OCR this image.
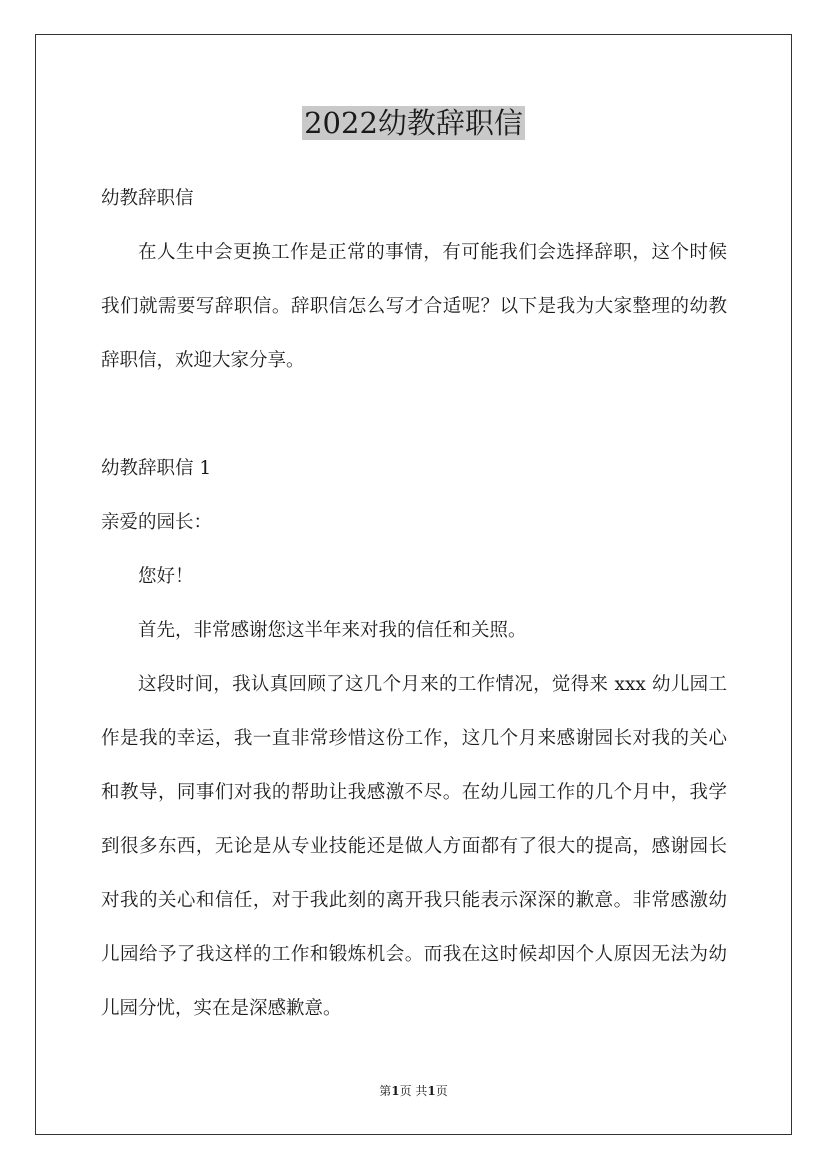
2022幼教辞职信

幼教辞职信

在人生中会更换工作是正常的事情，有可能我们会选择辞职，这个时候我们就需要写辞职信。辞职信怎么写才合适呢？以下是我为大家整理的幼教辞职信，欢迎大家分享。

幼教辞职信 1

亲爱的园长：

您好！

首先，非常感谢您这半年来对我的信任和关照。

这段时间，我认真回顾了这几个月来的工作情况，觉得来 xxx 幼儿园工作是我的幸运，我一直非常珍惜这份工作，这几个月来感谢园长对我的关心和教导，同事们对我的帮助让我感激不尽。在幼儿园工作的几个月中，我学到很多东西，无论是从专业技能还是做人方面都有了很大的提高，感谢园长对我的关心和信任，对于我此刻的离开我只能表示深深的歉意。非常感激幼儿园给予了我这样的工作和锻炼机会。而我在这时候却因个人原因无法为幼儿园分忧，实在是深感歉意。

第1页 共1页
